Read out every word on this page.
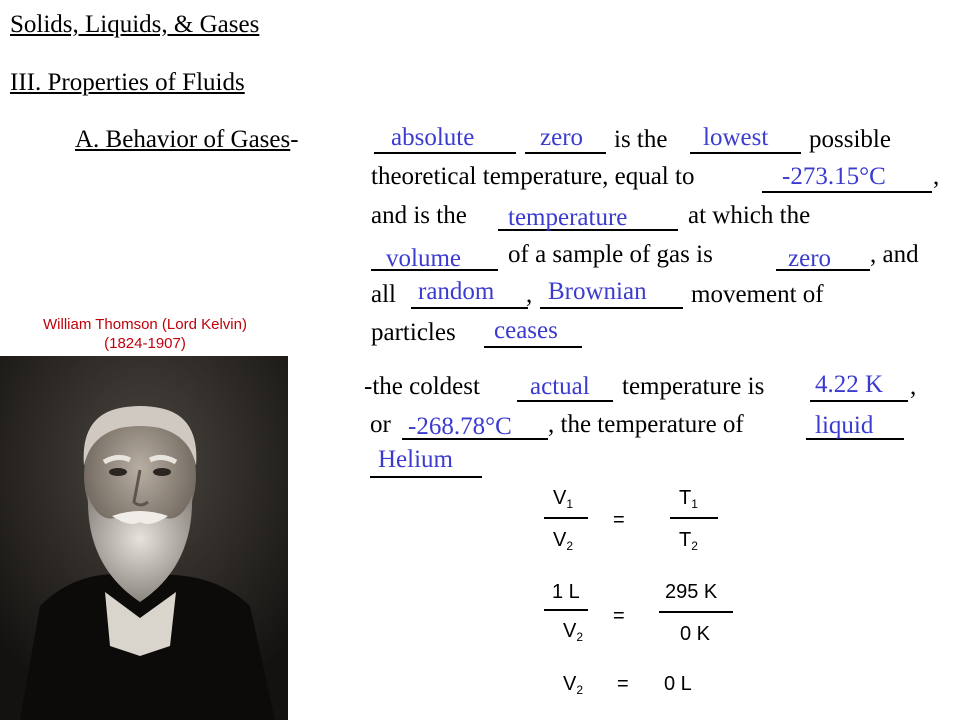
Solids, Liquids, & Gases
III. Properties of Fluids
A. Behavior of Gases-	absolute	zero is the lowest possible
theoretical temperature, equal to	-273.15°C ,
and is the temperature at which the
volume of a sample of gas is	zero , and
all random , Brownian movement of
particles ceases
-the coldest actual temperature is 4.22 K ,
or -268.78°C , the temperature of	liquid
Helium
William Thomson (Lord Kelvin)
(1824-1907)
$V_1$
$V_2$
=
$T_1$
$T_2$
1 L
$V_2$
=
295 K
0 K
$V_2 = 0$ L
